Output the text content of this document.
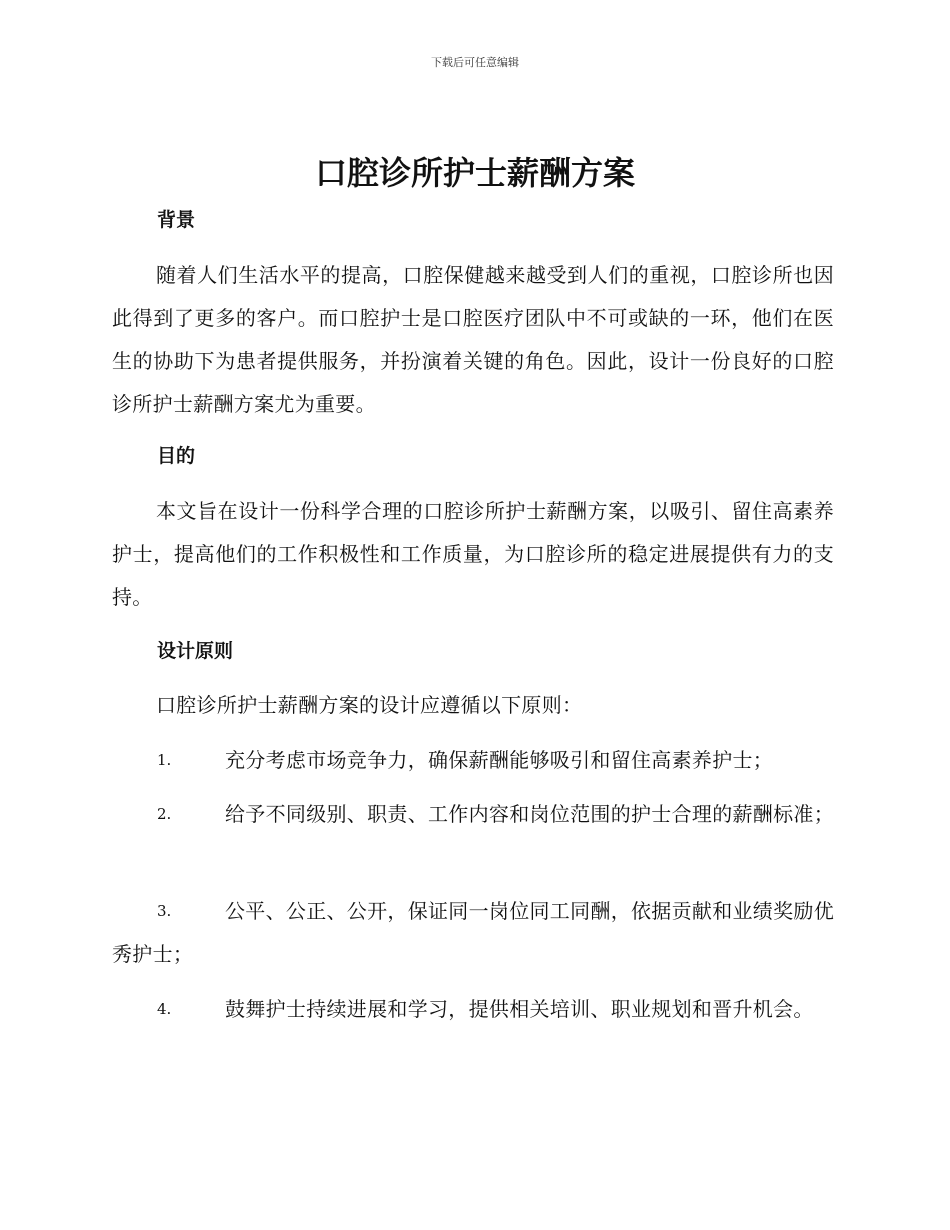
下载后可任意编辑
口腔诊所护士薪酬方案
背景

随着人们生活水平的提高，口腔保健越来越受到人们的重视，口腔诊所也因此得到了更多的客户。而口腔护士是口腔医疗团队中不可或缺的一环，他们在医生的协助下为患者提供服务，并扮演着关键的角色。因此，设计一份良好的口腔诊所护士薪酬方案尤为重要。

目的

本文旨在设计一份科学合理的口腔诊所护士薪酬方案，以吸引、留住高素养护士，提高他们的工作积极性和工作质量，为口腔诊所的稳定进展提供有力的支持。

设计原则

口腔诊所护士薪酬方案的设计应遵循以下原则：

1.	充分考虑市场竞争力，确保薪酬能够吸引和留住高素养护士；
2.	给予不同级别、职责、工作内容和岗位范围的护士合理的薪酬标准；
3.	公平、公正、公开，保证同一岗位同工同酬，依据贡献和业绩奖励优秀护士；
4.	鼓舞护士持续进展和学习，提供相关培训、职业规划和晋升机会。
